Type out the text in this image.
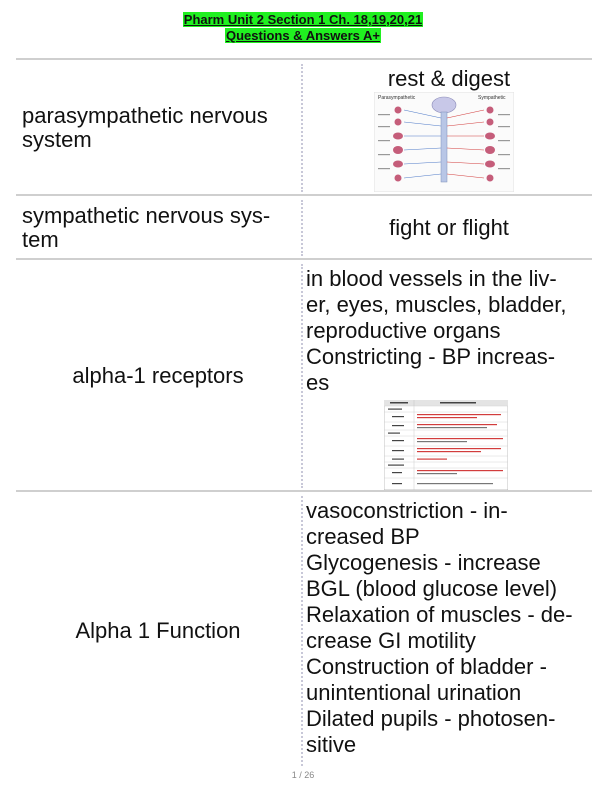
Pharm Unit 2 Section 1 Ch. 18,19,20,21
Questions & Answers A+
parasympathetic nervous
system
rest & digest
Parasympathetic	Sympathetic
sympathetic nervous sys-
tem	fight or flight
alpha-1 receptors
in blood vessels in the liv-
er, eyes, muscles, bladder,
reproductive organs
Constricting - BP increas-
es
Alpha 1 Function
vasoconstriction - in-
creased BP
Glycogenesis - increase
BGL (blood glucose level)
Relaxation of muscles - de-
crease GI motility
Construction of bladder -
unintentional urination
Dilated pupils - photosen-
sitive
1 / 26
